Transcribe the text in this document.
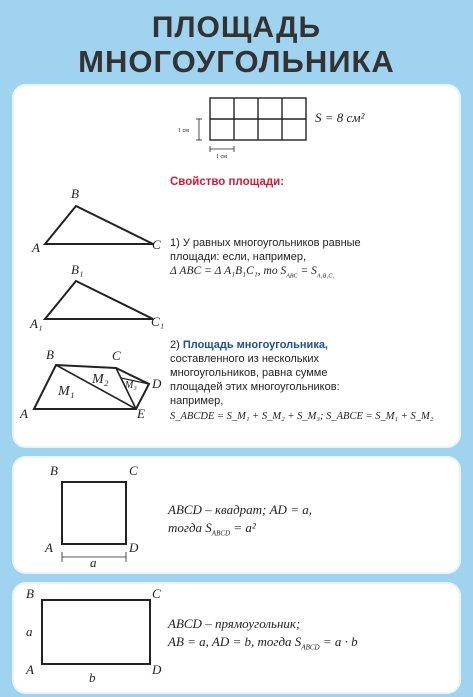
ПЛОЩАДЬ
МНОГОУГОЛЬНИКА
S = 8 см²
1 см
1 см
Свойство площади:
B
A	C
B₁
A₁	C₁
1) У равных многоугольников равные
площади: если, например,
Δ ABC = Δ A₁B₁C₁, то $S_{ABC} = S_{A_1B_1C_1}$
B	C
D
A	E
M₁
M₂ M₃
2) Площадь многоугольника,
составленного из нескольких
многоугольников, равна сумме
площадей этих многоугольников:
например,
S_ABCDE = S_M₁ + S_M₂ + S_M₃; S_ABCE = S_M₁ + S_M₂
B	C
A	D
a
ABCD – квадрат; AD = a,
тогда $S_{ABCD} = a^2$
B	C
A	D
a
b
ABCD – прямоугольник;
AB = a, AD = b, тогда $S_{ABCD} = a \cdot b$
